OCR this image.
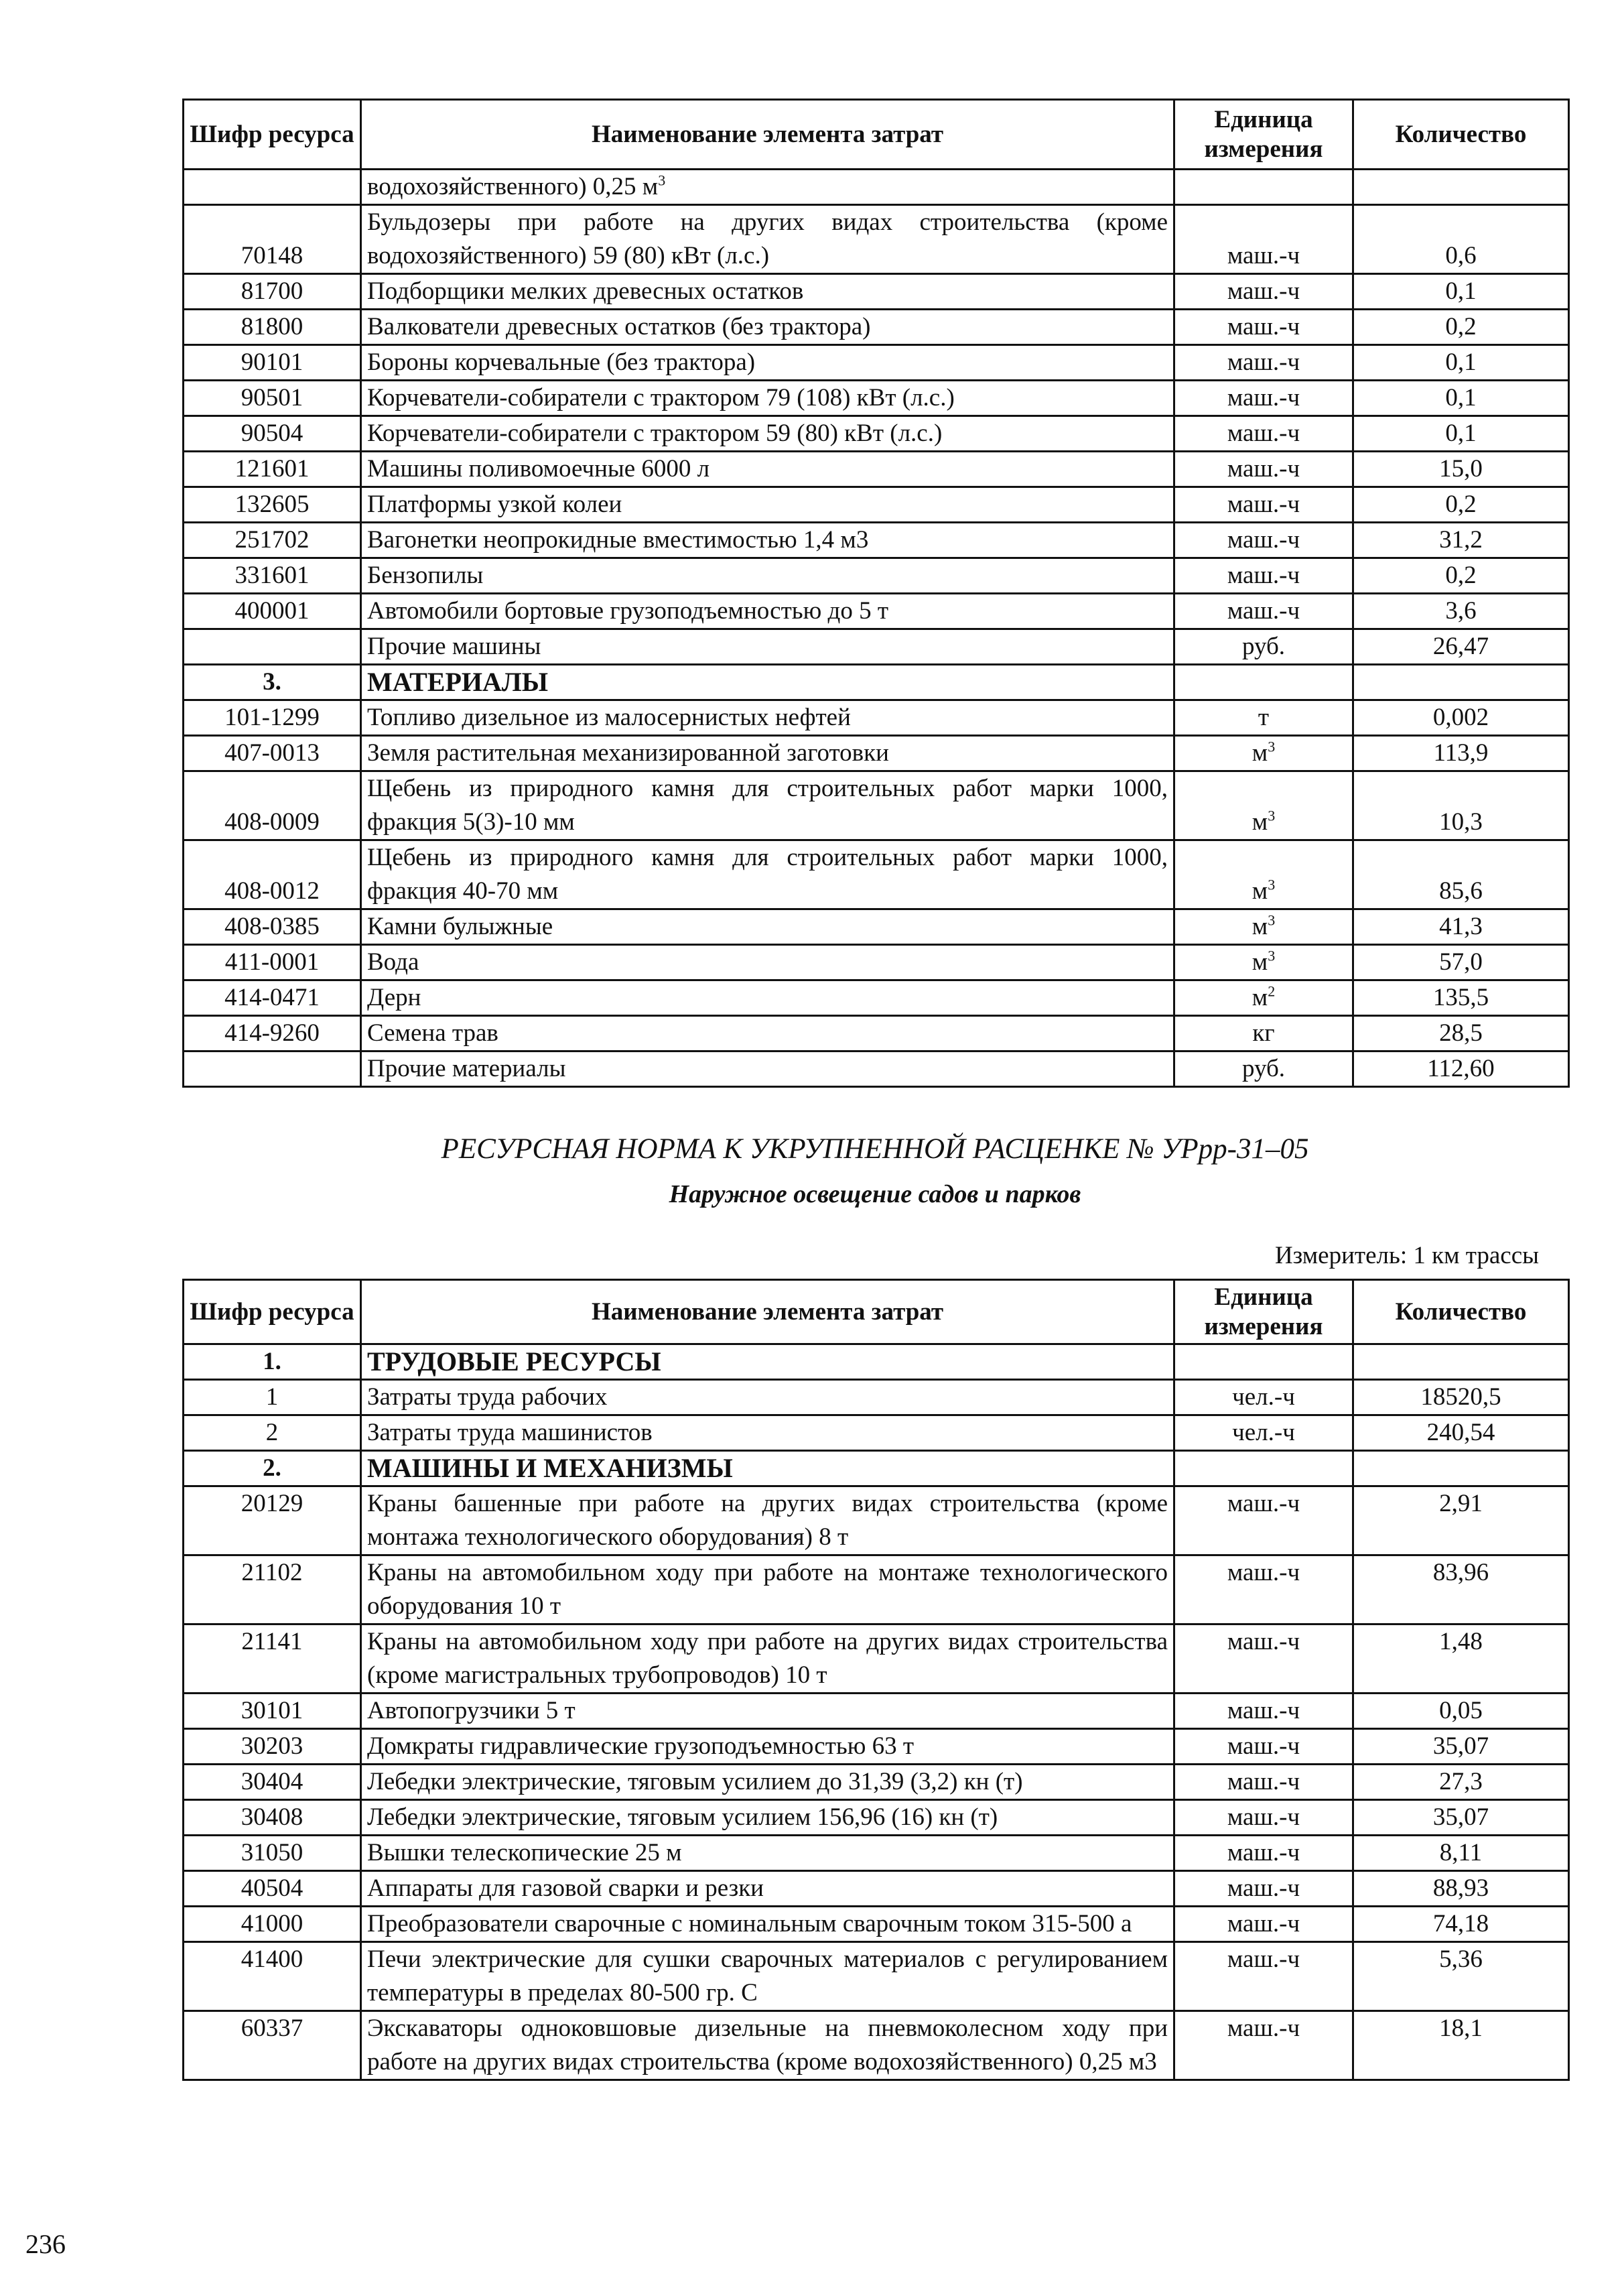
Шифр ресурса	Наименование элемента затрат	Единица измерения	Количество
	водохозяйственного) 0,25 $м^3$		
70148	Бульдозеры при работе на других видах строительства (кроме водохозяйственного) 59 (80) кВт (л.с.)	маш.-ч	0,6
81700	Подборщики мелких древесных остатков	маш.-ч	0,1
81800	Валкователи древесных остатков (без трактора)	маш.-ч	0,2
90101	Бороны корчевальные (без трактора)	маш.-ч	0,1
90501	Корчеватели-собиратели с трактором 79 (108) кВт (л.с.)	маш.-ч	0,1
90504	Корчеватели-собиратели с трактором 59 (80) кВт (л.с.)	маш.-ч	0,1
121601	Машины поливомоечные 6000 л	маш.-ч	15,0
132605	Платформы узкой колеи	маш.-ч	0,2
251702	Вагонетки неопрокидные вместимостью 1,4 м3	маш.-ч	31,2
331601	Бензопилы	маш.-ч	0,2
400001	Автомобили бортовые грузоподъемностью до 5 т	маш.-ч	3,6
	Прочие машины	руб.	26,47
3.	МАТЕРИАЛЫ		
101-1299	Топливо дизельное из малосернистых нефтей	т	0,002
407-0013	Земля растительная механизированной заготовки	$м^3$	113,9
408-0009	Щебень из природного камня для строительных работ марки 1000, фракция 5(3)-10 мм	$м^3$	10,3
408-0012	Щебень из природного камня для строительных работ марки 1000, фракция 40-70 мм	$м^3$	85,6
408-0385	Камни булыжные	$м^3$	41,3
411-0001	Вода	$м^3$	57,0
414-0471	Дерн	$м^2$	135,5
414-9260	Семена трав	кг	28,5
	Прочие материалы	руб.	112,60
РЕСУРСНАЯ НОРМА К УКРУПНЕННОЙ РАСЦЕНКЕ № УРрр-31–05
Наружное освещение садов и парков
Измеритель: 1 км трассы
Шифр ресурса	Наименование элемента затрат	Единица измерения	Количество
1.	ТРУДОВЫЕ РЕСУРСЫ		
1	Затраты труда рабочих	чел.-ч	18520,5
2	Затраты труда машинистов	чел.-ч	240,54
2.	МАШИНЫ И МЕХАНИЗМЫ		
20129	Краны башенные при работе на других видах строительства (кроме монтажа технологического оборудования) 8 т	маш.-ч	2,91
21102	Краны на автомобильном ходу при работе на монтаже технологического оборудования 10 т	маш.-ч	83,96
21141	Краны на автомобильном ходу при работе на других видах строительства (кроме магистральных трубопроводов) 10 т	маш.-ч	1,48
30101	Автопогрузчики 5 т	маш.-ч	0,05
30203	Домкраты гидравлические грузоподъемностью 63 т	маш.-ч	35,07
30404	Лебедки электрические, тяговым усилием до 31,39 (3,2) кн (т)	маш.-ч	27,3
30408	Лебедки электрические, тяговым усилием 156,96 (16) кн (т)	маш.-ч	35,07
31050	Вышки телескопические 25 м	маш.-ч	8,11
40504	Аппараты для газовой сварки и резки	маш.-ч	88,93
41000	Преобразователи сварочные с номинальным сварочным током 315-500 а	маш.-ч	74,18
41400	Печи электрические для сушки сварочных материалов с регулированием температуры в пределах 80-500 гр. С	маш.-ч	5,36
60337	Экскаваторы одноковшовые дизельные на пневмоколесном ходу при работе на других видах строительства (кроме водохозяйственного) 0,25 м3	маш.-ч	18,1
236
